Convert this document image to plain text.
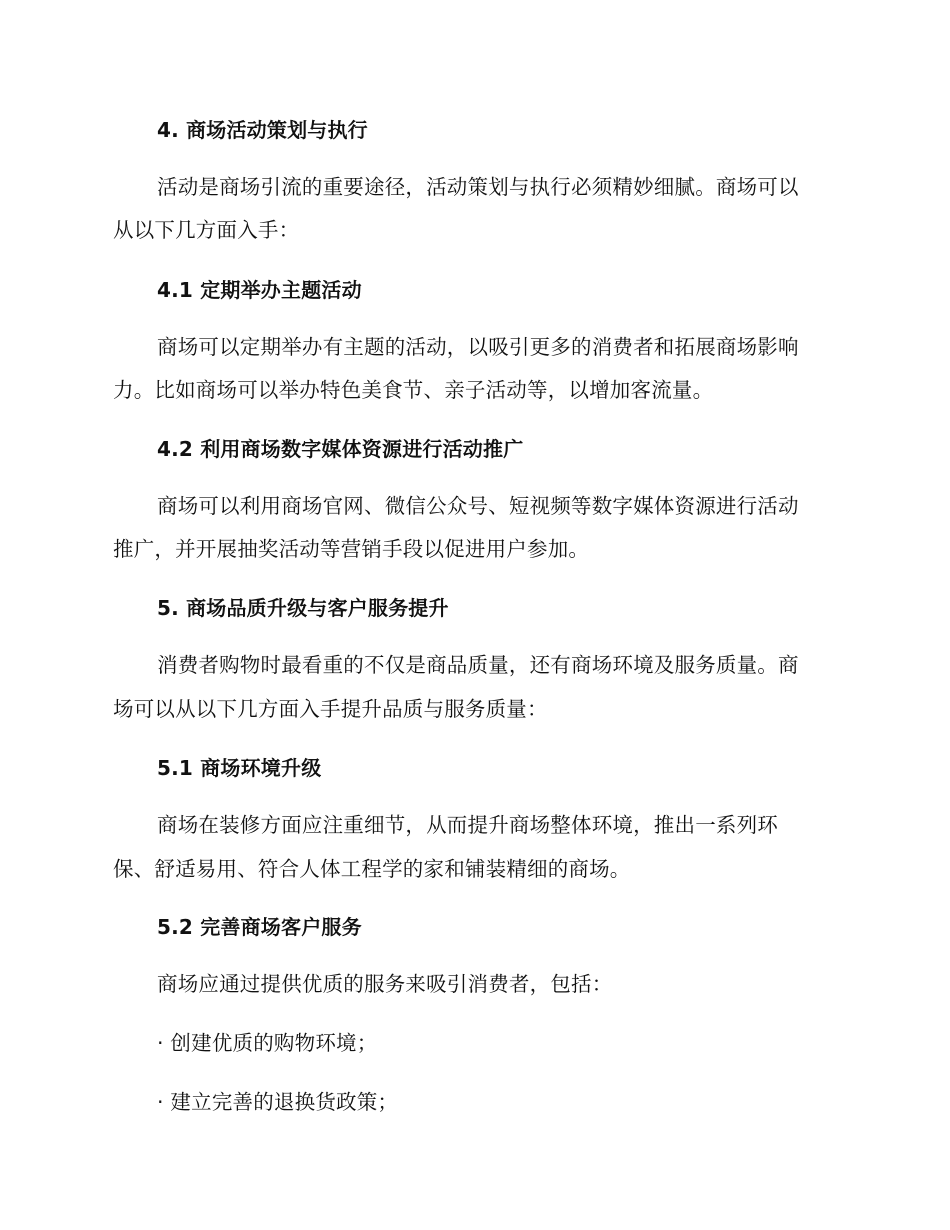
4. 商场活动策划与执行
活动是商场引流的重要途径，活动策划与执行必须精妙细腻。商场可以
从以下几方面入手：
4.1 定期举办主题活动
商场可以定期举办有主题的活动，以吸引更多的消费者和拓展商场影响
力。比如商场可以举办特色美食节、亲子活动等，以增加客流量。
4.2 利用商场数字媒体资源进行活动推广
商场可以利用商场官网、微信公众号、短视频等数字媒体资源进行活动
推广，并开展抽奖活动等营销手段以促进用户参加。
5. 商场品质升级与客户服务提升
消费者购物时最看重的不仅是商品质量，还有商场环境及服务质量。商
场可以从以下几方面入手提升品质与服务质量：
5.1 商场环境升级
商场在装修方面应注重细节，从而提升商场整体环境，推出一系列环
保、舒适易用、符合人体工程学的家和铺装精细的商场。
5.2 完善商场客户服务
商场应通过提供优质的服务来吸引消费者，包括：
· 创建优质的购物环境；
· 建立完善的退换货政策；
